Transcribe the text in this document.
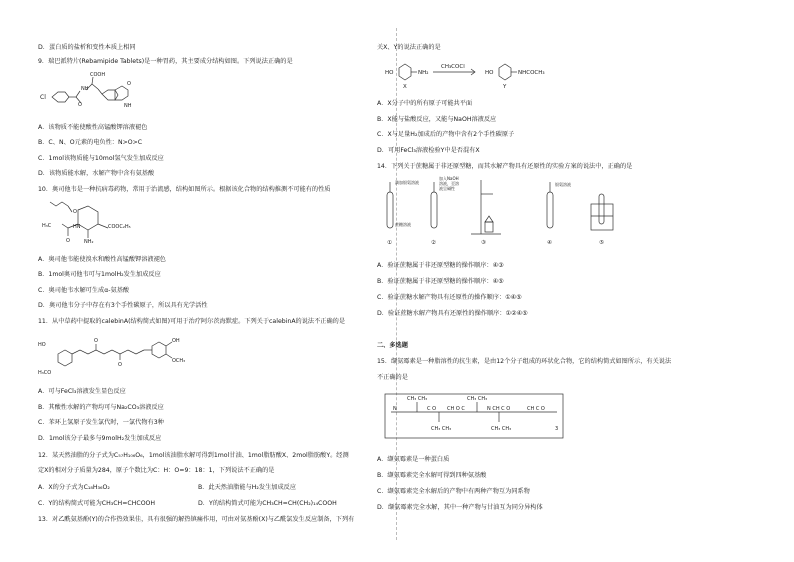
D．蛋白质的盐析和变性本质上相同
9．瑞巴派特片(Rebamipide Tablets)是一种胃药，其主要成分结构如图。下列说法正确的是
Cl
O
NH
COOH
O
NH
A．该物质不能使酸性高锰酸钾溶液褪色
B．C、N、O元素的电负性：N>O>C
C．1mol该物质能与10mol氢气发生加成反应
D．该物质能水解，水解产物中含有氨基酸
10．奥司他韦是一种抗病毒药物，常用于治流感，结构如图所示。根据该化合物的结构推测不可能有的性质
O
HN
H₃C
O
COOC₂H₅
NH₂
A．奥司他韦能使溴水和酸性高锰酸钾溶液褪色
B．1mol奥司他韦可与1molH₂发生加成反应
C．奥司他韦水解可生成α-氨基酸
D．奥司他韦分子中存在有3个手性碳原子，所以具有光学活性
11．从中草药中提取的calebinA(结构简式如图)可用于治疗阿尔茨海默症。下列关于calebinA的说法不正确的是
HO
H₃CO
O
O
OH
OCH₃
A．可与FeCl₃溶液发生显色反应
B．其酸性水解的产物均可与Na₂CO₃溶液反应
C．苯环上氢原子发生氯代时，一氯代物有3种
D．1mol该分子最多与9molH₂发生加成反应
12．某天然油脂的分子式为C₅₇H₁₀₆O₆，1mol该油脂水解可得到1mol甘油、1mol脂肪酸X、2mol脂肪酸Y。经测
定X的相对分子质量为284，原子个数比为C：H：O=9：18：1，下列说法不正确的是
A．X的分子式为C₁₈H₃₆O₂	B．此天然油脂能与H₂发生加成反应
C．Y的结构简式可能为CH₃CH=CHCOOH	D．Y的结构简式可能为CH₃CH=CH(CH₂)₁₄COOH
13．对乙酰氨基酚(Y)的合作热效果佳，具有很强的解热镇痛作用，可由对氨基酚(X)与乙酰氯发生反应制备，下列有
关X、Y的说法正确的是
HO	NH₂
CH₃COCl
HO	NHCOCH₃
X	Y
A．X分子中的所有原子可能共平面
B．X能与盐酸反应，又能与NaOH溶液反应
C．X与足量H₂加成后的产物中含有2个手性碳原子
D．可用FeCl₃溶液检验Y中是否混有X
14．下列关于蔗糖属于非还原型糖，而其水解产物具有还原性的实验方案的说法中，正确的是
滴加银氨溶液
加入NaOH
溶液，至溶
液呈碱性
银氨溶液
蔗糖溶液
①	②	③	④	⑤
A．验证蔗糖属于非还原型糖的操作顺序：④③
B．验证蔗糖属于非还原型糖的操作顺序：④⑤
C．验证蔗糖水解产物具有还原性的操作顺序：①④⑤
D．验证蔗糖水解产物具有还原性的操作顺序：①②④⑤
二、多选题
15．缬氨霉素是一种脂溶性的抗生素，是由12个分子组成的环状化合物，它的结构简式如图所示，有关说法
不正确的是
N
CH₃ CH₃
C O CH O C
CH₃ CH₃
N CH C O	CH C O
CH₃ CH₃	CH₃ CH₃	3
A．缬氨霉素是一种蛋白质
B．缬氨霉素完全水解可得到四种氨基酸
C．缬氨霉素完全水解后的产物中有两种产物互为同系物
D．缬氨霉素完全水解，其中一种产物与甘油互为同分异构体
